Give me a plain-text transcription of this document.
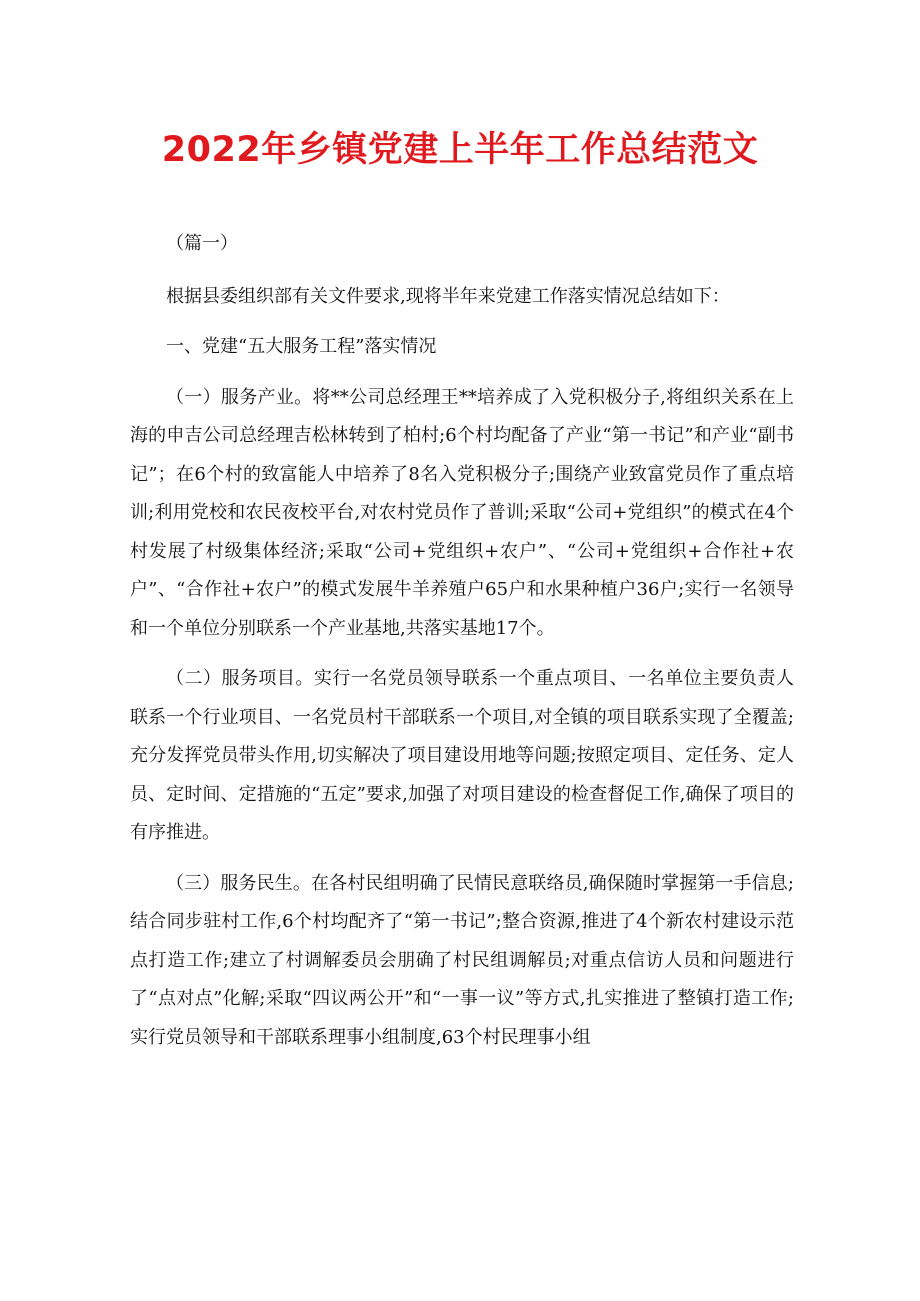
2022年乡镇党建上半年工作总结范文

（篇一）

根据县委组织部有关文件要求,现将半年来党建工作落实情况总结如下：

一、党建“五大服务工程”落实情况

（一）服务产业。将**公司总经理王**培养成了入党积极分子,将组织关系在上海的申吉公司总经理吉松林转到了柏村;6个村均配备了产业“第一书记”和产业“副书记”；在6个村的致富能人中培养了8名入党积极分子;围绕产业致富党员作了重点培训;利用党校和农民夜校平台,对农村党员作了普训;采取“公司+党组织”的模式在4个村发展了村级集体经济;采取“公司+党组织+农户”、“公司+党组织+合作社+农户”、“合作社+农户”的模式发展牛羊养殖户65户和水果种植户36户;实行一名领导和一个单位分别联系一个产业基地,共落实基地17个。

（二）服务项目。实行一名党员领导联系一个重点项目、一名单位主要负责人联系一个行业项目、一名党员村干部联系一个项目,对全镇的项目联系实现了全覆盖;充分发挥党员带头作用,切实解决了项目建设用地等问题;按照定项目、定任务、定人员、定时间、定措施的“五定”要求,加强了对项目建设的检查督促工作,确保了项目的有序推进。

（三）服务民生。在各村民组明确了民情民意联络员,确保随时掌握第一手信息;结合同步驻村工作,6个村均配齐了“第一书记”;整合资源,推进了4个新农村建设示范点打造工作;建立了村调解委员会朋确了村民组调解员;对重点信访人员和问题进行了“点对点”化解;采取“四议两公开”和“一事一议”等方式,扎实推进了整镇打造工作;实行党员领导和干部联系理事小组制度,63个村民理事小组
